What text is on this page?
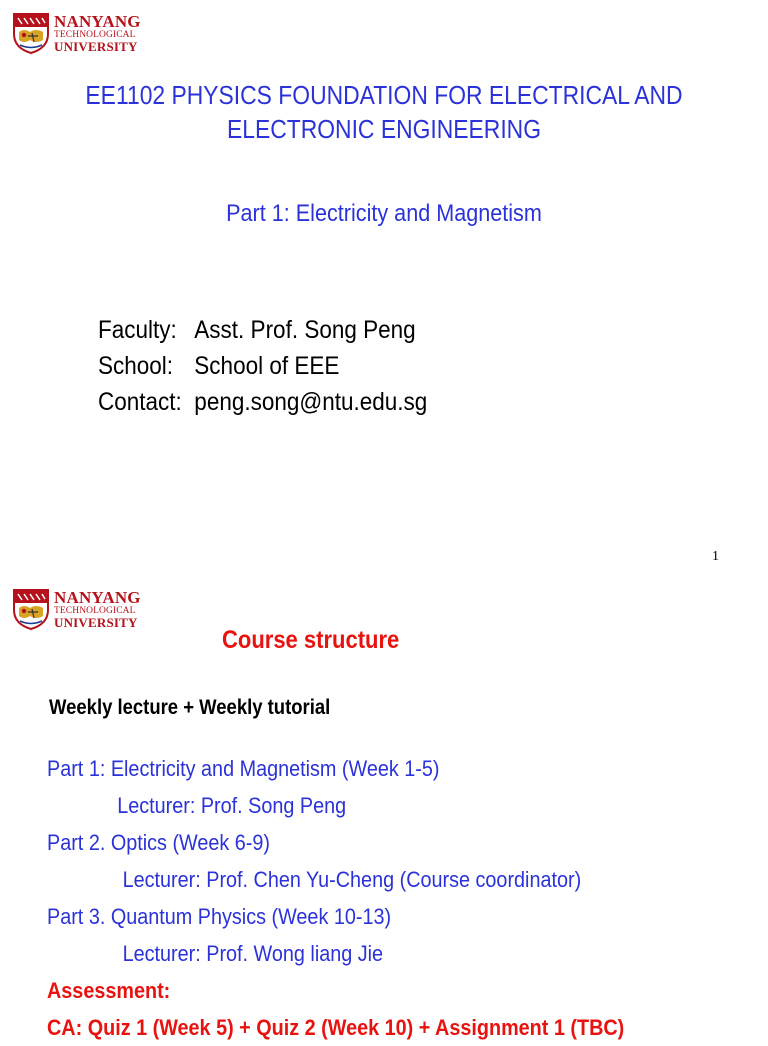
NANYANG
TECHNOLOGICAL
UNIVERSITY
EE1102 PHYSICS FOUNDATION FOR ELECTRICAL AND
ELECTRONIC ENGINEERING
Part 1: Electricity and Magnetism
Faculty: Asst. Prof. Song Peng
School: School of EEE
Contact: peng.song@ntu.edu.sg
1
NANYANG
TECHNOLOGICAL
UNIVERSITY
Course structure
Weekly lecture + Weekly tutorial
Part 1: Electricity and Magnetism (Week 1-5)
Lecturer: Prof. Song Peng
Part 2. Optics (Week 6-9)
Lecturer: Prof. Chen Yu-Cheng (Course coordinator)
Part 3. Quantum Physics (Week 10-13)
Lecturer: Prof. Wong liang Jie
Assessment:
CA: Quiz 1 (Week 5) + Quiz 2 (Week 10) + Assignment 1 (TBC)
